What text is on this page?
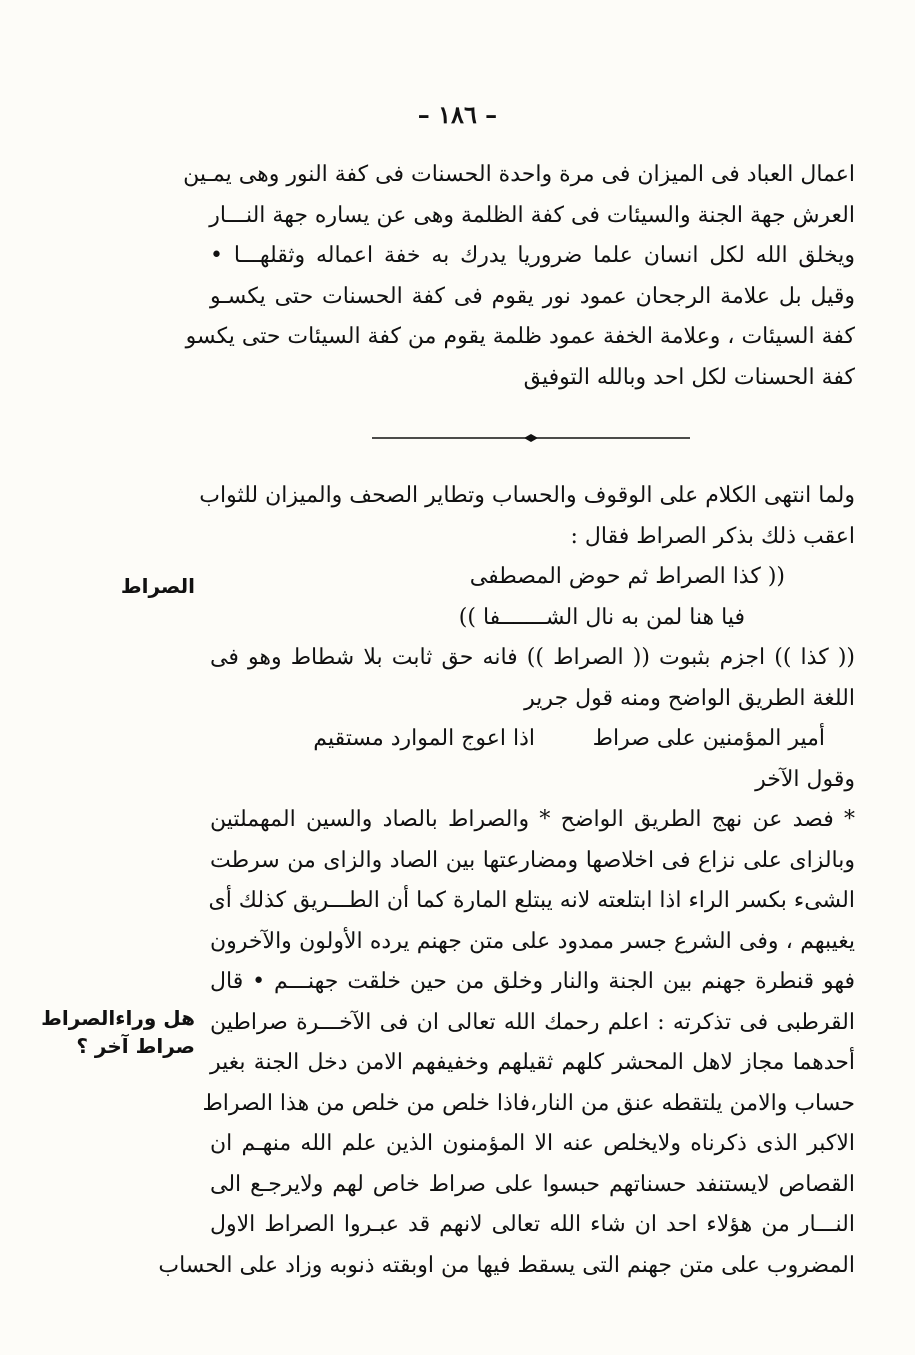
– ١٨٦ –
اعمال العباد فى الميزان فى مرة واحدة الحسنات فى كفة النور وهى يمـين
العرش جهة الجنة والسيئات فى كفة الظلمة وهى عن يساره جهة النـــار
ويخلق الله لكل انسان علما ضروريا يدرك به خفة اعماله وثقلهـــا •
وقيل بل علامة الرجحان عمود نور يقوم فى كفة الحسنات حتى يكسـو
كفة السيئات ، وعلامة الخفة عمود ظلمة يقوم من كفة السيئات حتى يكسو
كفة الحسنات لكل احد وبالله التوفيق
ولما انتهى الكلام على الوقوف والحساب وتطاير الصحف والميزان للثواب
اعقب ذلك بذكر الصراط فقال :
(( كذا الصراط ثم حوض المصطفى
فيا هنا لمن به نال الشـــــــفا ))
(( كذا )) اجزم بثبوت (( الصراط )) فانه حق ثابت بلا شطاط وهو فى
اللغة الطريق الواضح ومنه قول جرير
أمير المؤمنين على صراطاذا اعوج الموارد مستقيم
وقول الآخر
* فصد عن نهج الطريق الواضح * والصراط بالصاد والسين المهملتين
وبالزاى على نزاع فى اخلاصها ومضارعتها بين الصاد والزاى من سرطت
الشىء بكسر الراء اذا ابتلعته لانه يبتلع المارة كما أن الطـــريق كذلك أى
يغيبهم ، وفى الشرع جسر ممدود على متن جهنم يرده الأولون والآخرون
فهو قنطرة جهنم بين الجنة والنار وخلق من حين خلقت جهنـــم • قال
القرطبى فى تذكرته : اعلم رحمك الله تعالى ان فى الآخـــرة صراطين
أحدهما مجاز لاهل المحشر كلهم ثقيلهم وخفيفهم الامن دخل الجنة بغير
حساب والامن يلتقطه عنق من النار،فاذا خلص من خلص من هذا الصراط
الاكبر الذى ذكرناه ولايخلص عنه الا المؤمنون الذين علم الله منهـم ان
القصاص لايستنفد حسناتهم حبسوا على صراط خاص لهم ولايرجـع الى
النـــار من هؤلاء احد ان شاء الله تعالى لانهم قد عبـروا الصراط الاول
المضروب على متن جهنم التى يسقط فيها من اوبقته ذنوبه وزاد على الحساب
الصراط
هل وراءالصراط
صراط آخر ؟
